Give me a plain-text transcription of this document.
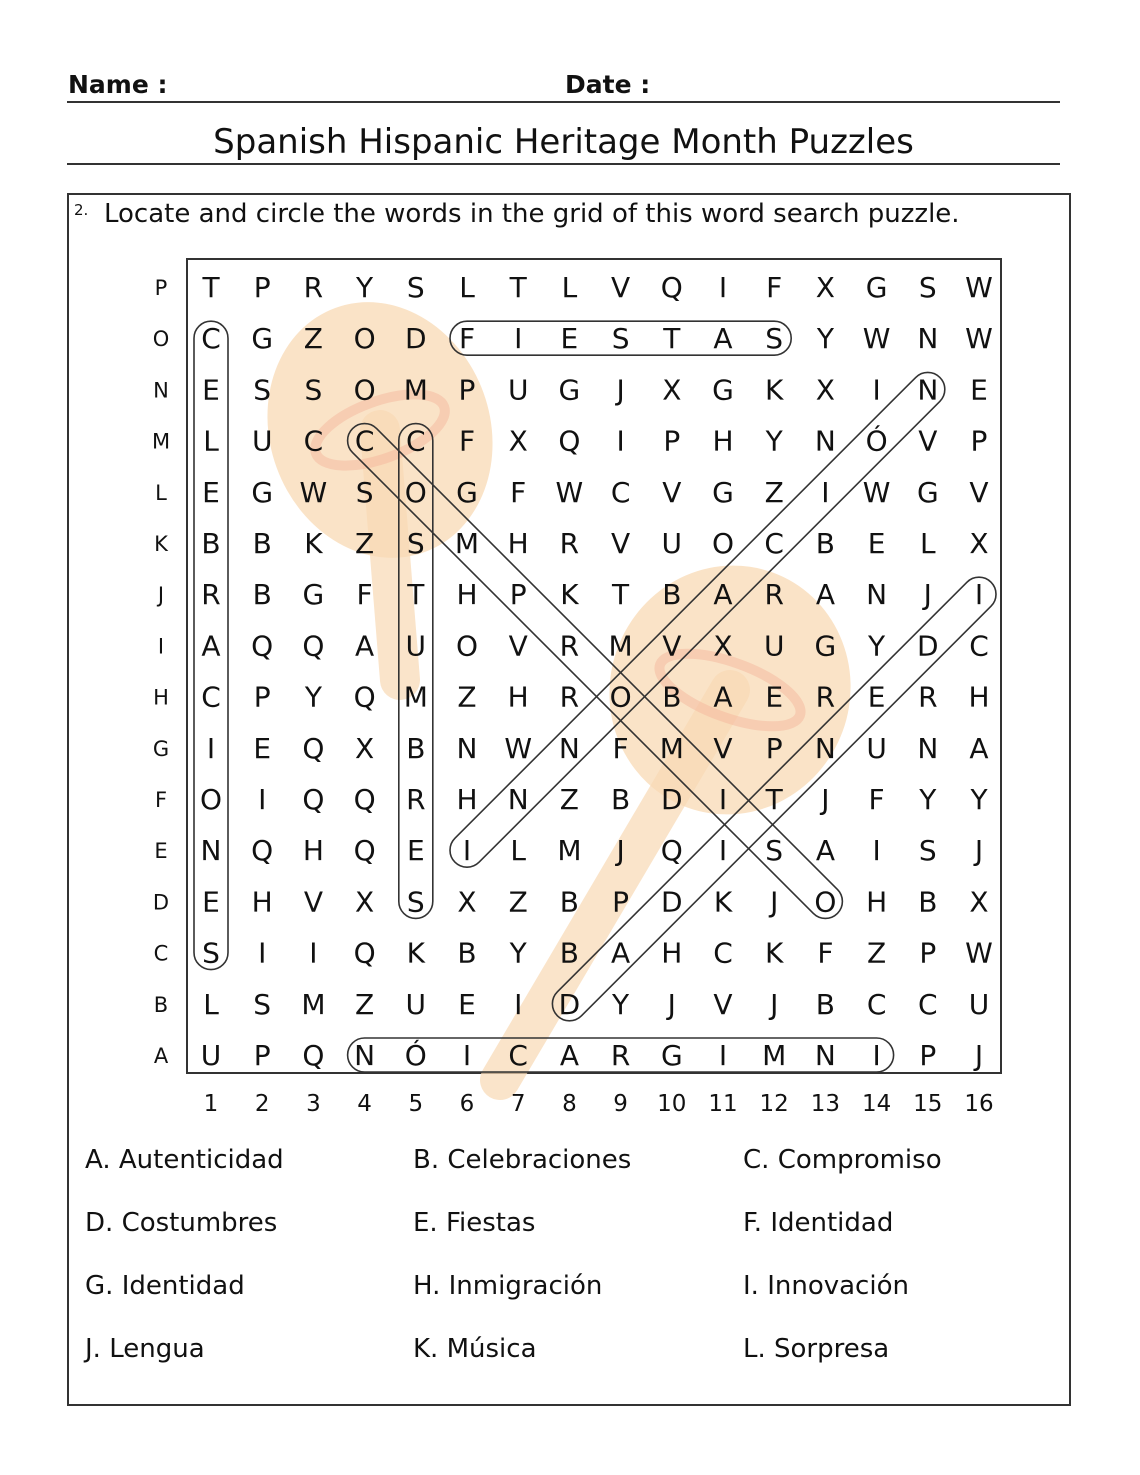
Name :	Date :
Spanish Hispanic Heritage Month Puzzles
2. Locate and circle the words in the grid of this word search puzzle.
T P R Y S L T L V Q I F X G S W
C G Z O D F I E S T A S Y W N W
E S S O M P U G J X G K X I N E
L U C C C F X Q I P H Y N Ó V P
E G W S O G F W C V G Z I W G V
B B K Z S M H R V U O C B E L X
R B G F T H P K T B A R A N J I
A Q Q A U O V R M V X U G Y D C
C P Y Q M Z H R O B A E R E R H
I E Q X B N W N F M V P N U N A
O I Q Q R H N Z B D I T J F Y Y
N Q H Q E I L M J Q I S A I S J
E H V X S X Z B P D K J O H B X
S I I Q K B Y B A H C K F Z P W
L S M Z U E I D Y J V J B C C U
U P Q N Ó I C A R G I M N I P J
P
O
N
M
L
K
J
I
H
G
F
E
D
C
B
A
1 2 3 4 5 6 7 8 9 10 11 12 13 14 15 16
A. Autenticidad	B. Celebraciones	C. Compromiso
D. Costumbres	E. Fiestas	F. Identidad
G. Identidad	H. Inmigración	I. Innovación
J. Lengua	K. Música	L. Sorpresa
